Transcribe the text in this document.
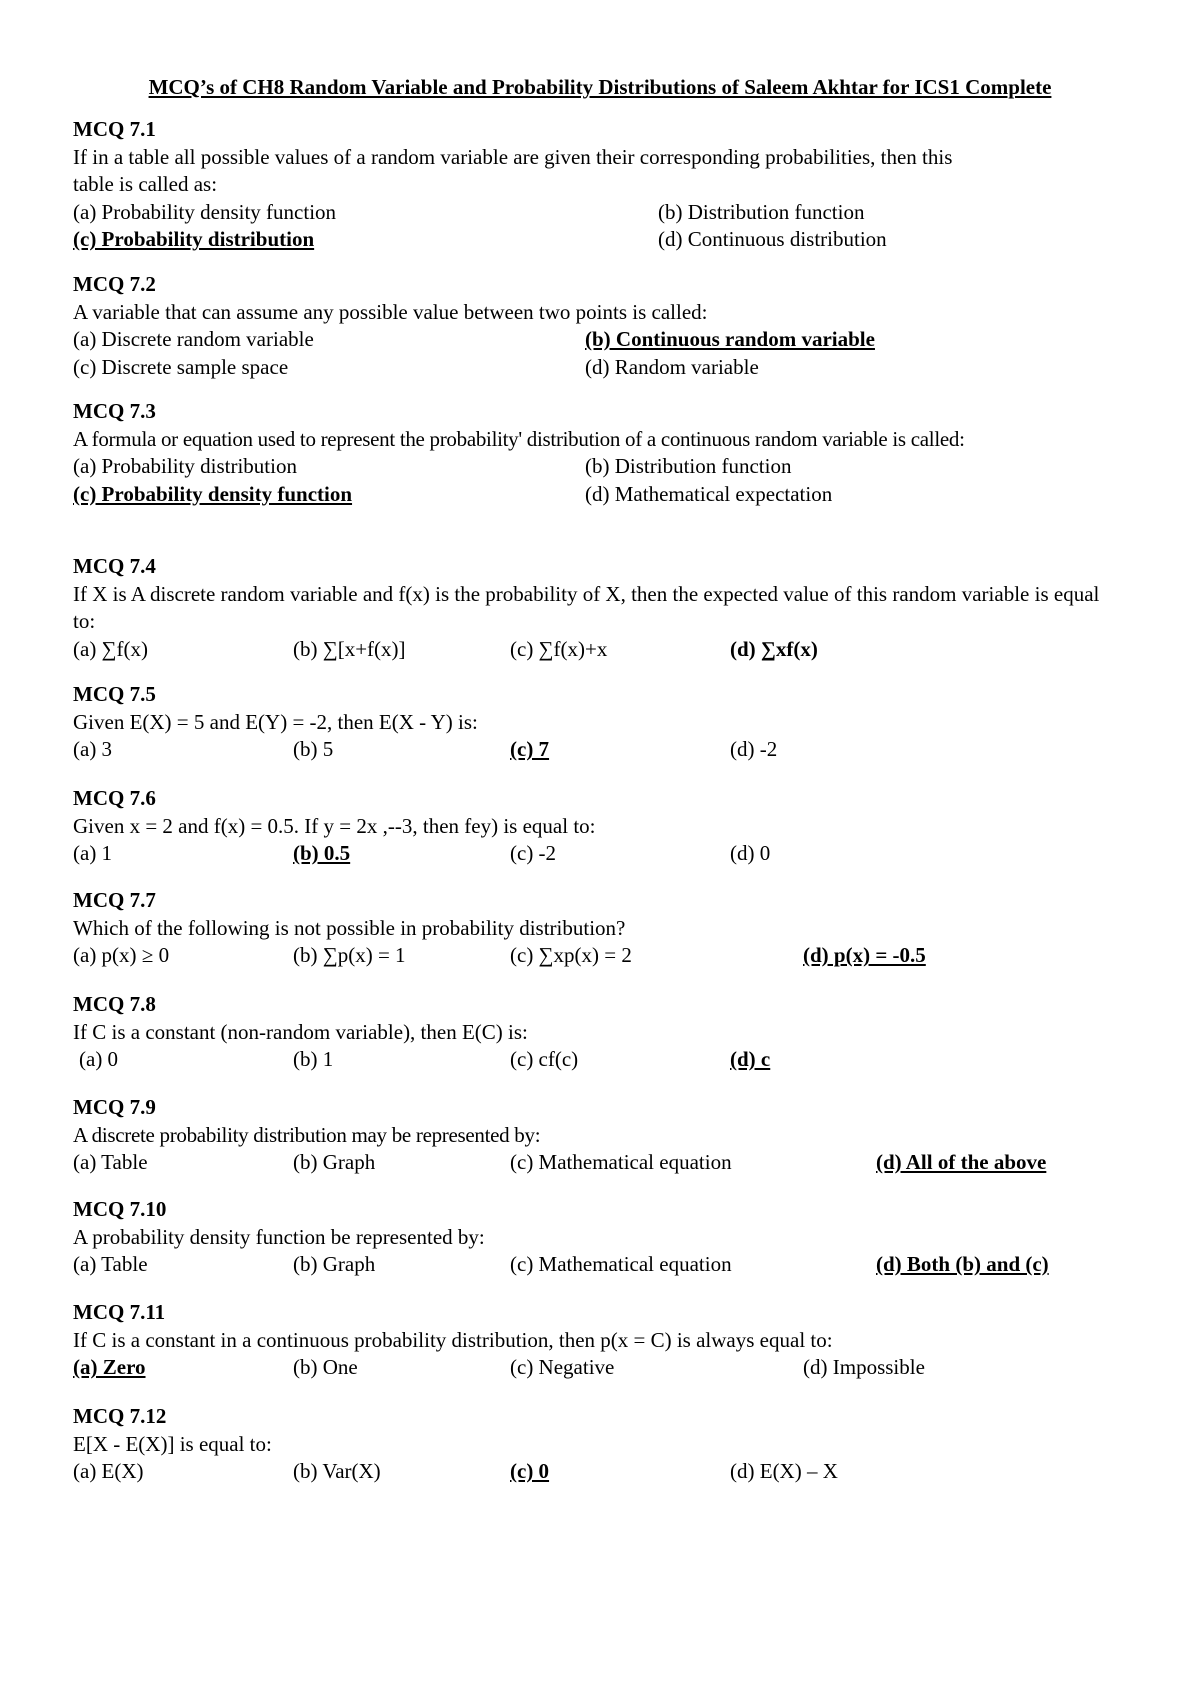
MCQ’s of CH8 Random Variable and Probability Distributions of Saleem Akhtar for ICS1 Complete
MCQ 7.1
If in a table all possible values of a random variable are given their corresponding probabilities, then this table is called as:
(a) Probability density function	(b) Distribution function
(c) Probability distribution	(d) Continuous distribution
MCQ 7.2
A variable that can assume any possible value between two points is called:
(a) Discrete random variable	(b) Continuous random variable
(c) Discrete sample space	(d) Random variable
MCQ 7.3
A formula or equation used to represent the probability' distribution of a continuous random variable is called:
(a) Probability distribution	(b) Distribution function
(c) Probability density function	(d) Mathematical expectation
MCQ 7.4
If X is A discrete random variable and f(x) is the probability of X, then the expected value of this random variable is equal to:
(a) ∑f(x)	(b) ∑[x+f(x)]	(c) ∑f(x)+x	(d) ∑xf(x)
MCQ 7.5
Given E(X) = 5 and E(Y) = -2, then E(X - Y) is:
(a) 3	(b) 5	(c) 7	(d) -2
MCQ 7.6
Given x = 2 and f(x) = 0.5. If y = 2x ,--3, then fey) is equal to:
(a) 1	(b) 0.5	(c) -2	(d) 0
MCQ 7.7
Which of the following is not possible in probability distribution?
(a) p(x) ≥ 0	(b) ∑p(x) = 1	(c) ∑xp(x) = 2	(d) p(x) = -0.5
MCQ 7.8
If C is a constant (non-random variable), then E(C) is:
(a) 0	(b) 1	(c) cf(c)	(d) c
MCQ 7.9
A discrete probability distribution may be represented by:
(a) Table	(b) Graph	(c) Mathematical equation	(d) All of the above
MCQ 7.10
A probability density function be represented by:
(a) Table	(b) Graph	(c) Mathematical equation	(d) Both (b) and (c)
MCQ 7.11
If C is a constant in a continuous probability distribution, then p(x = C) is always equal to:
(a) Zero	(b) One	(c) Negative	(d) Impossible
MCQ 7.12
E[X - E(X)] is equal to:
(a) E(X)	(b) Var(X)	(c) 0	(d) E(X) – X
